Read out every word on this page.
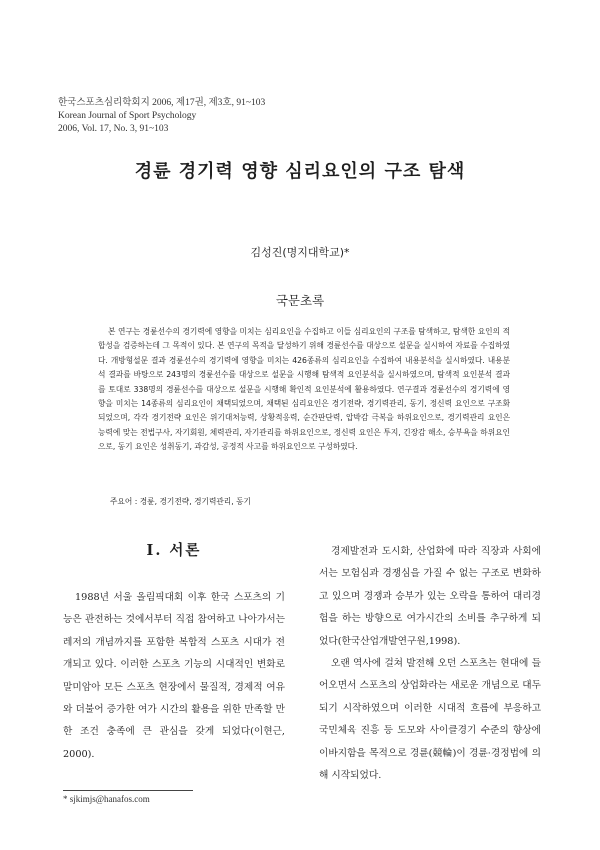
한국스포츠심리학회지 2006, 제17권, 제3호, 91~103
Korean Journal of Sport Psychology
2006, Vol. 17, No. 3, 91~103
경륜 경기력 영향 심리요인의 구조 탐색
김성진(명지대학교)*
국문초록

본 연구는 경륜선수의 경기력에 영향을 미치는 심리요인을 수집하고 이들 심리요인의 구조를 탐색하고, 탐색한 요인의 적합성을 검증하는데 그 목적이 있다. 본 연구의 목적을 달성하기 위해 경륜선수를 대상으로 설문을 실시하여 자료를 수집하였다. 개방형설문 결과 경륜선수의 경기력에 영향을 미치는 426종류의 심리요인을 수집하여 내용분석을 실시하였다. 내용분석 결과를 바탕으로 243명의 경륜선수를 대상으로 설문을 시행해 탐색적 요인분석을 실시하였으며, 탐색적 요인분석 결과를 토대로 338명의 경륜선수를 대상으로 설문을 시행해 확인적 요인분석에 활용하였다. 연구결과 경륜선수의 경기력에 영향을 미치는 14종류의 심리요인이 채택되었으며, 채택된 심리요인은 경기전략, 경기력관리, 동기, 정신력 요인으로 구조화되었으며, 각각 경기전략 요인은 위기대처능력, 상황적응력, 순간판단력, 압박감 극복을 하위요인으로, 경기력관리 요인은 능력에 맞는 전법구사, 자기회원, 체력관리, 자기관리를 하위요인으로, 정신력 요인은 투지, 긴장감 해소, 승부욕을 하위요인으로, 동기 요인은 성취동기, 과감성, 공정적 사고를 하위요인으로 구성하였다.

주요어 : 경륜, 경기전략, 경기력관리, 동기
Ⅰ. 서론

1988년 서울 올림픽대회 이후 한국 스포츠의 기능은 관전하는 것에서부터 직접 참여하고 나아가서는 레저의 개념까지를 포함한 복합적 스포츠 시대가 전개되고 있다. 이러한 스포츠 기능의 시대적인 변화로 말미암아 모든 스포츠 현장에서 물질적, 경제적 여유와 더불어 증가한 여가 시간의 활용을 위한 만족할 만한 조건 충족에 큰 관심을 갖게 되었다(이현근, 2000).

경제발전과 도시화, 산업화에 따라 직장과 사회에서는 모험심과 경쟁심을 가질 수 없는 구조로 변화하고 있으며 경쟁과 승부가 있는 오락을 통하여 대리경험을 하는 방향으로 여가시간의 소비를 추구하게 되었다(한국산업개발연구원,1998).

오랜 역사에 걸쳐 발전해 오던 스포츠는 현대에 들어오면서 스포츠의 상업화라는 새로운 개념으로 대두되기 시작하였으며 이러한 시대적 흐름에 부응하고 국민체육 진흥 등 도모와 사이클경기 수준의 향상에 이바지함을 목적으로 경륜(競輪)이 경륜·경정법에 의해 시작되었다.

* sjkimjs@hanafos.com
